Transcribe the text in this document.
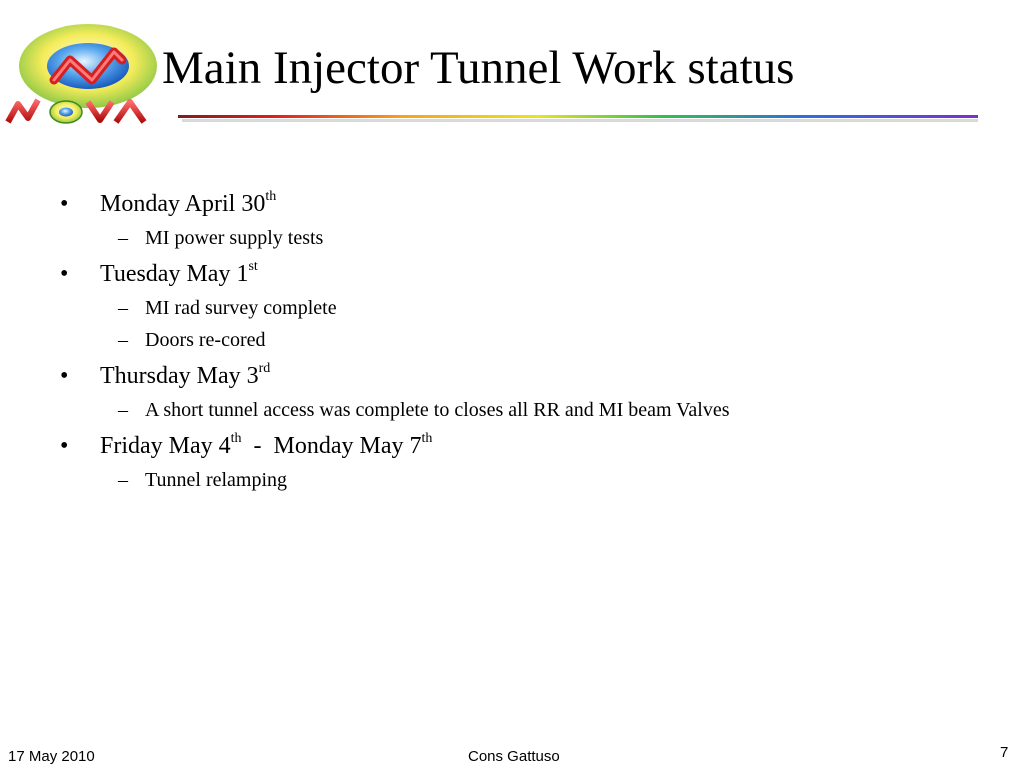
Main Injector Tunnel Work status
• Monday April 30th
– MI power supply tests
• Tuesday May 1st
– MI rad survey complete
– Doors re-cored
• Thursday May 3rd
– A short tunnel access was complete to closes all RR and MI beam Valves
• Friday May 4th  -  Monday May 7th
– Tunnel relamping
17 May 2010	Cons Gattuso	7
